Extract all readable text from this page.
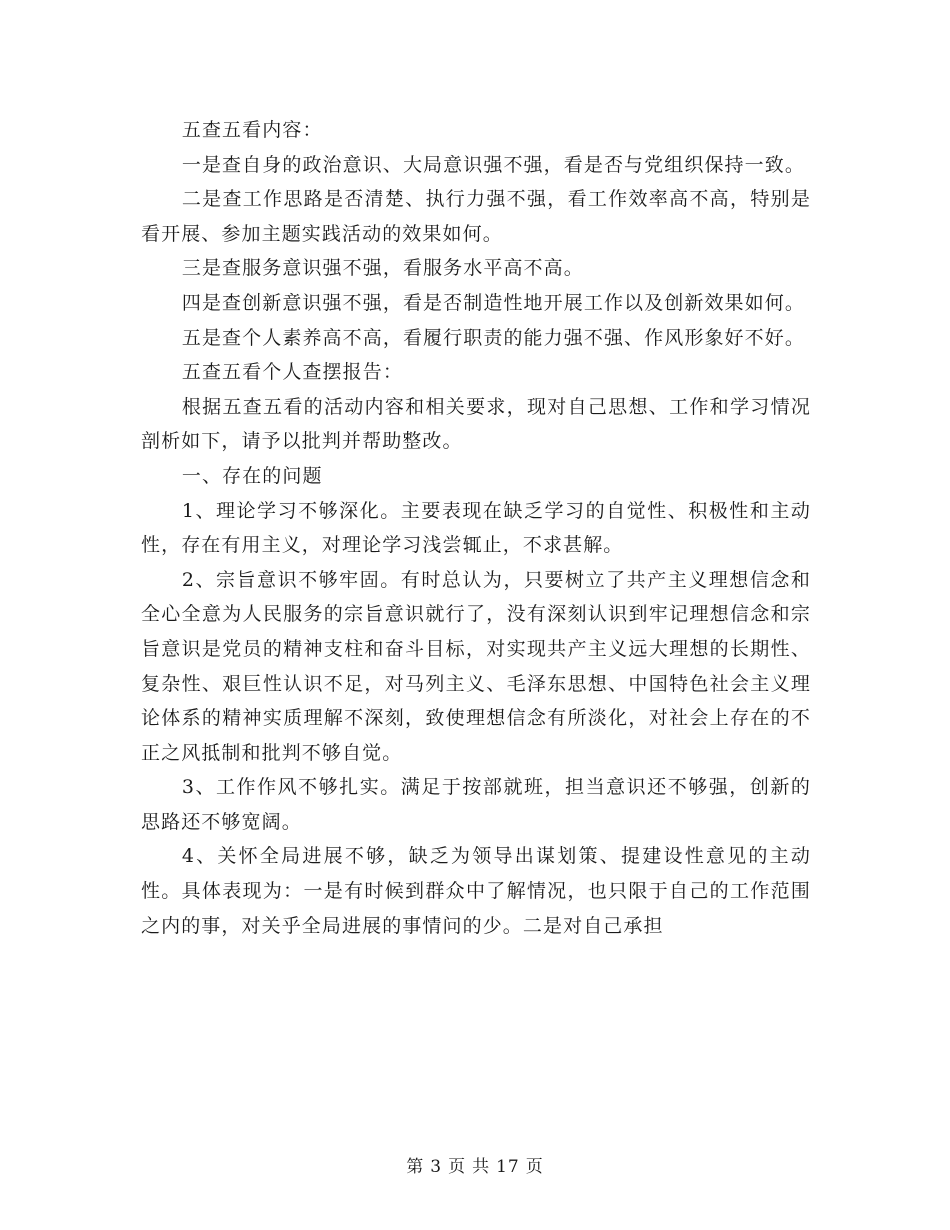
五查五看内容：

一是查自身的政治意识、大局意识强不强，看是否与党组织保持一致。

二是查工作思路是否清楚、执行力强不强，看工作效率高不高，特别是看开展、参加主题实践活动的效果如何。

三是查服务意识强不强，看服务水平高不高。

四是查创新意识强不强，看是否制造性地开展工作以及创新效果如何。

五是查个人素养高不高，看履行职责的能力强不强、作风形象好不好。

五查五看个人查摆报告：

根据五查五看的活动内容和相关要求，现对自己思想、工作和学习情况剖析如下，请予以批判并帮助整改。

一、存在的问题

1、理论学习不够深化。主要表现在缺乏学习的自觉性、积极性和主动性，存在有用主义，对理论学习浅尝辄止，不求甚解。

2、宗旨意识不够牢固。有时总认为，只要树立了共产主义理想信念和全心全意为人民服务的宗旨意识就行了，没有深刻认识到牢记理想信念和宗旨意识是党员的精神支柱和奋斗目标，对实现共产主义远大理想的长期性、复杂性、艰巨性认识不足，对马列主义、毛泽东思想、中国特色社会主义理论体系的精神实质理解不深刻，致使理想信念有所淡化，对社会上存在的不正之风抵制和批判不够自觉。

3、工作作风不够扎实。满足于按部就班，担当意识还不够强，创新的思路还不够宽阔。

4、关怀全局进展不够，缺乏为领导出谋划策、提建设性意见的主动性。具体表现为：一是有时候到群众中了解情况，也只限于自己的工作范围之内的事，对关乎全局进展的事情问的少。二是对自己承担

第 3 页 共 17 页
